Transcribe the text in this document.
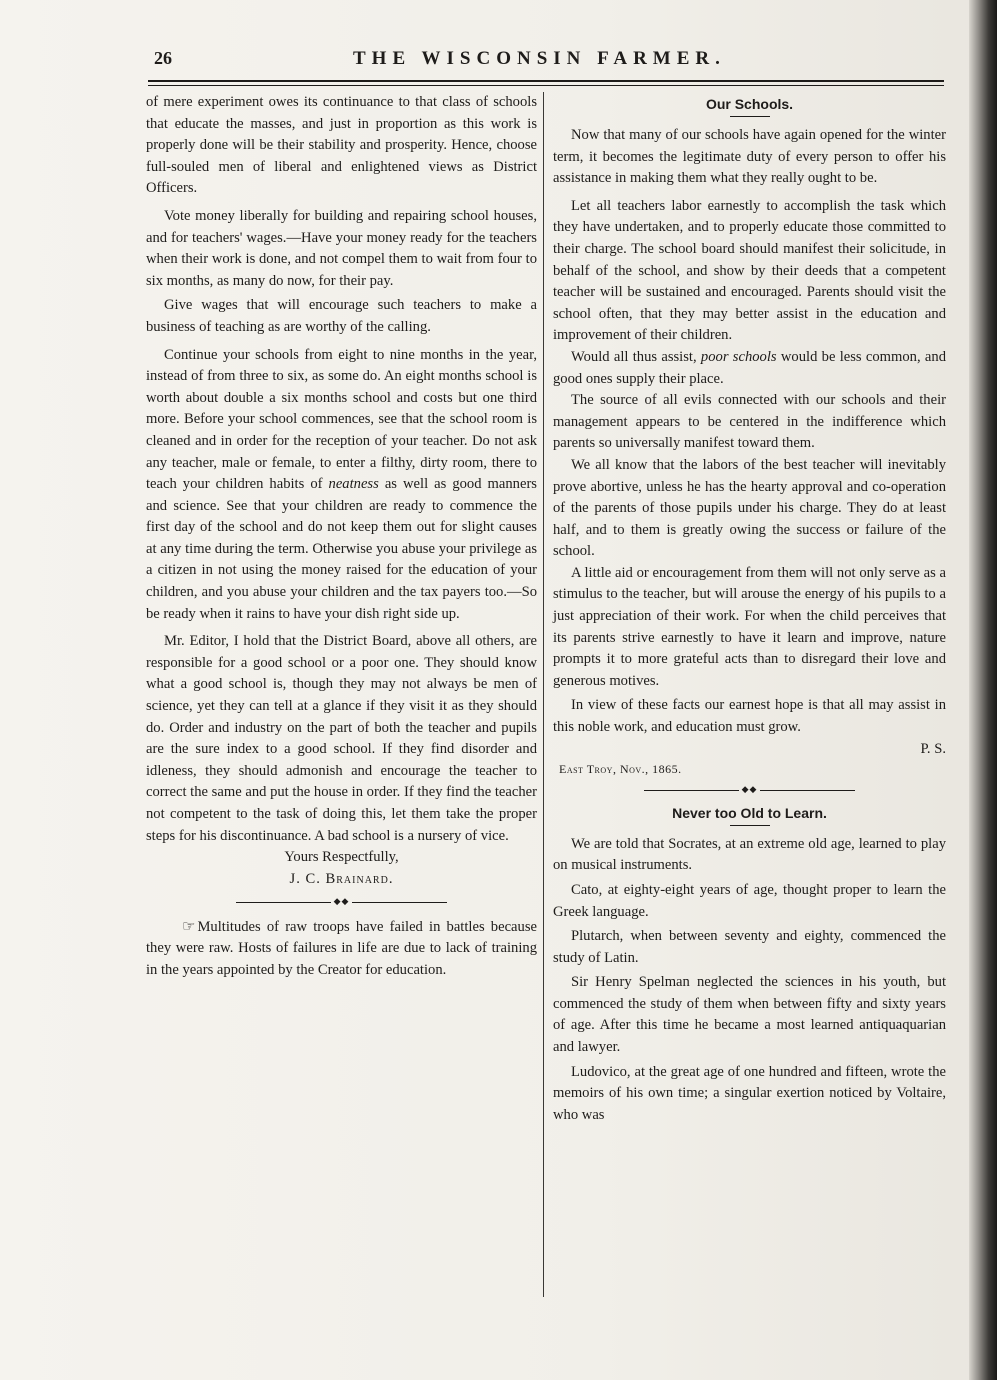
26	THE WISCONSIN FARMER.

of mere experiment owes its continuance to that class of schools that educate the masses, and just in proportion as this work is properly done will be their stability and prosperity. Hence, choose full-souled men of liberal and enlightened views as District Officers.

Vote money liberally for building and repairing school houses, and for teachers' wages.—Have your money ready for the teachers when their work is done, and not compel them to wait from four to six months, as many do now, for their pay.

Give wages that will encourage such teachers to make a business of teaching as are worthy of the calling.

Continue your schools from eight to nine months in the year, instead of from three to six, as some do. An eight months school is worth about double a six months school and costs but one third more. Before your school commences, see that the school room is cleaned and in order for the reception of your teacher. Do not ask any teacher, male or female, to enter a filthy, dirty room, there to teach your children habits of neatness as well as good manners and science. See that your children are ready to commence the first day of the school and do not keep them out for slight causes at any time during the term. Otherwise you abuse your privilege as a citizen in not using the money raised for the education of your children, and you abuse your children and the tax payers too.—So be ready when it rains to have your dish right side up.

Mr. Editor, I hold that the District Board, above all others, are responsible for a good school or a poor one. They should know what a good school is, though they may not always be men of science, yet they can tell at a glance if they visit it as they should do. Order and industry on the part of both the teacher and pupils are the sure index to a good school. If they find disorder and idleness, they should admonish and encourage the teacher to correct the same and put the house in order. If they find the teacher not competent to the task of doing this, let them take the proper steps for his discontinuance. A bad school is a nursery of vice.

Yours Respectfully,

J. C. Brainard.

◆◆

☞ Multitudes of raw troops have failed in battles because they were raw. Hosts of failures in life are due to lack of training in the years appointed by the Creator for education.

Our Schools.

Now that many of our schools have again opened for the winter term, it becomes the legitimate duty of every person to offer his assistance in making them what they really ought to be.

Let all teachers labor earnestly to accomplish the task which they have undertaken, and to properly educate those committed to their charge. The school board should manifest their solicitude, in behalf of the school, and show by their deeds that a competent teacher will be sustained and encouraged. Parents should visit the school often, that they may better assist in the education and improvement of their children.

Would all thus assist, poor schools would be less common, and good ones supply their place.

The source of all evils connected with our schools and their management appears to be centered in the indifference which parents so universally manifest toward them.

We all know that the labors of the best teacher will inevitably prove abortive, unless he has the hearty approval and co-operation of the parents of those pupils under his charge. They do at least half, and to them is greatly owing the success or failure of the school.

A little aid or encouragement from them will not only serve as a stimulus to the teacher, but will arouse the energy of his pupils to a just appreciation of their work. For when the child perceives that its parents strive earnestly to have it learn and improve, nature prompts it to more grateful acts than to disregard their love and generous motives.

In view of these facts our earnest hope is that all may assist in this noble work, and education must grow.

P. S.

East Troy, Nov., 1865.

◆◆
Never too Old to Learn.

We are told that Socrates, at an extreme old age, learned to play on musical instruments.

Cato, at eighty-eight years of age, thought proper to learn the Greek language.

Plutarch, when between seventy and eighty, commenced the study of Latin.

Sir Henry Spelman neglected the sciences in his youth, but commenced the study of them when between fifty and sixty years of age. After this time he became a most learned antiquaquarian and lawyer.

Ludovico, at the great age of one hundred and fifteen, wrote the memoirs of his own time; a singular exertion noticed by Voltaire, who was
